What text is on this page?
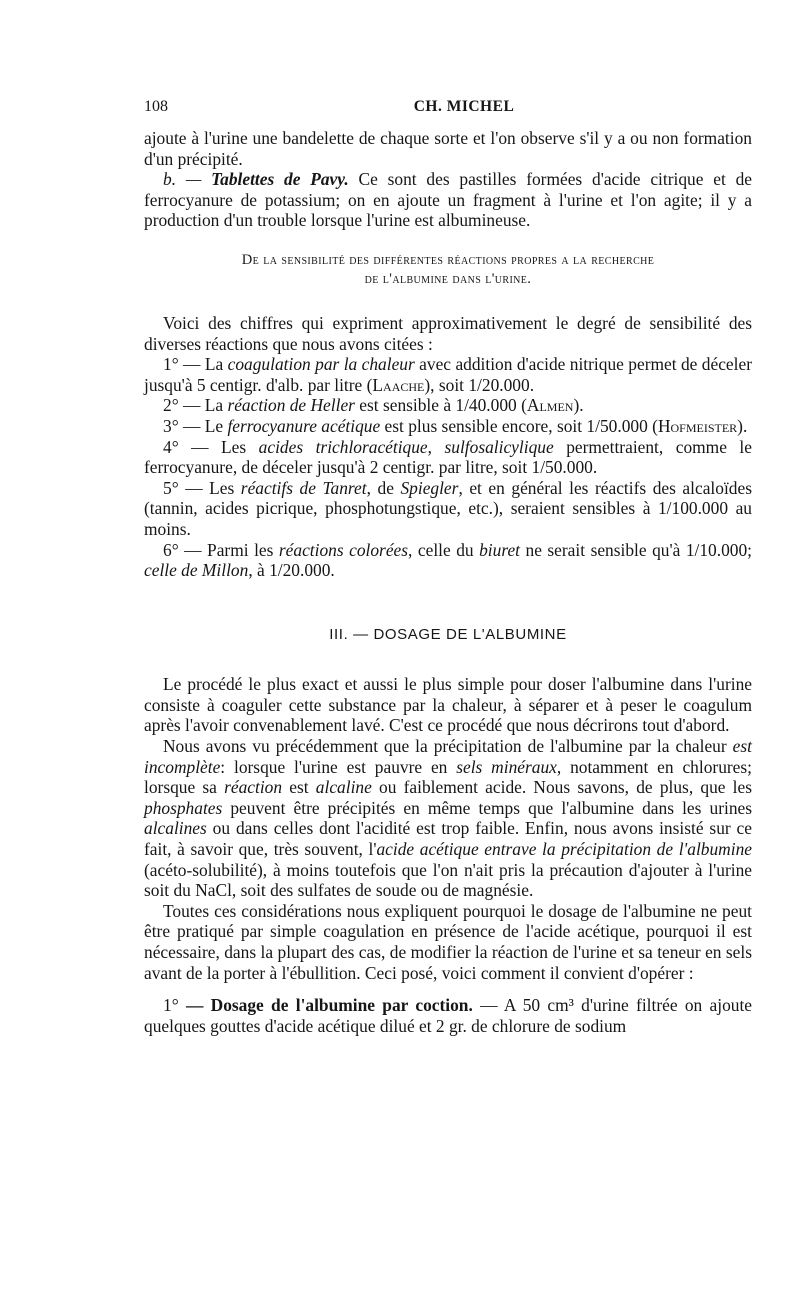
108	CH. MICHEL

ajoute à l'urine une bandelette de chaque sorte et l'on observe s'il y a ou non formation d'un précipité.

b. — Tablettes de Pavy. Ce sont des pastilles formées d'acide citrique et de ferrocyanure de potassium; on en ajoute un fragment à l'urine et l'on agite; il y a production d'un trouble lorsque l'urine est albumineuse.

De la sensibilité des différentes réactions propres a la recherche
de l'albumine dans l'urine.

Voici des chiffres qui expriment approximativement le degré de sensibilité des diverses réactions que nous avons citées :

1° — La coagulation par la chaleur avec addition d'acide nitrique permet de déceler jusqu'à 5 centigr. d'alb. par litre (Laache), soit 1/20.000.

2° — La réaction de Heller est sensible à 1/40.000 (Almen).

3° — Le ferrocyanure acétique est plus sensible encore, soit 1/50.000 (Hofmeister).

4° — Les acides trichloracétique, sulfosalicylique permettraient, comme le ferrocyanure, de déceler jusqu'à 2 centigr. par litre, soit 1/50.000.

5° — Les réactifs de Tanret, de Spiegler, et en général les réactifs des alcaloïdes (tannin, acides picrique, phosphotungstique, etc.), seraient sensibles à 1/100.000 au moins.

6° — Parmi les réactions colorées, celle du biuret ne serait sensible qu'à 1/10.000; celle de Millon, à 1/20.000.

III. — DOSAGE DE L'ALBUMINE

Le procédé le plus exact et aussi le plus simple pour doser l'albumine dans l'urine consiste à coaguler cette substance par la chaleur, à séparer et à peser le coagulum après l'avoir convenablement lavé. C'est ce procédé que nous décrirons tout d'abord.

Nous avons vu précédemment que la précipitation de l'albumine par la chaleur est incomplète: lorsque l'urine est pauvre en sels minéraux, notamment en chlorures; lorsque sa réaction est alcaline ou faiblement acide. Nous savons, de plus, que les phosphates peuvent être précipités en même temps que l'albumine dans les urines alcalines ou dans celles dont l'acidité est trop faible. Enfin, nous avons insisté sur ce fait, à savoir que, très souvent, l'acide acétique entrave la précipitation de l'albumine (acéto-solubilité), à moins toutefois que l'on n'ait pris la précaution d'ajouter à l'urine soit du NaCl, soit des sulfates de soude ou de magnésie.

Toutes ces considérations nous expliquent pourquoi le dosage de l'albumine ne peut être pratiqué par simple coagulation en présence de l'acide acétique, pourquoi il est nécessaire, dans la plupart des cas, de modifier la réaction de l'urine et sa teneur en sels avant de la porter à l'ébullition. Ceci posé, voici comment il convient d'opérer :

1° — Dosage de l'albumine par coction. — A 50 cm³ d'urine filtrée on ajoute quelques gouttes d'acide acétique dilué et 2 gr. de chlorure de sodium
